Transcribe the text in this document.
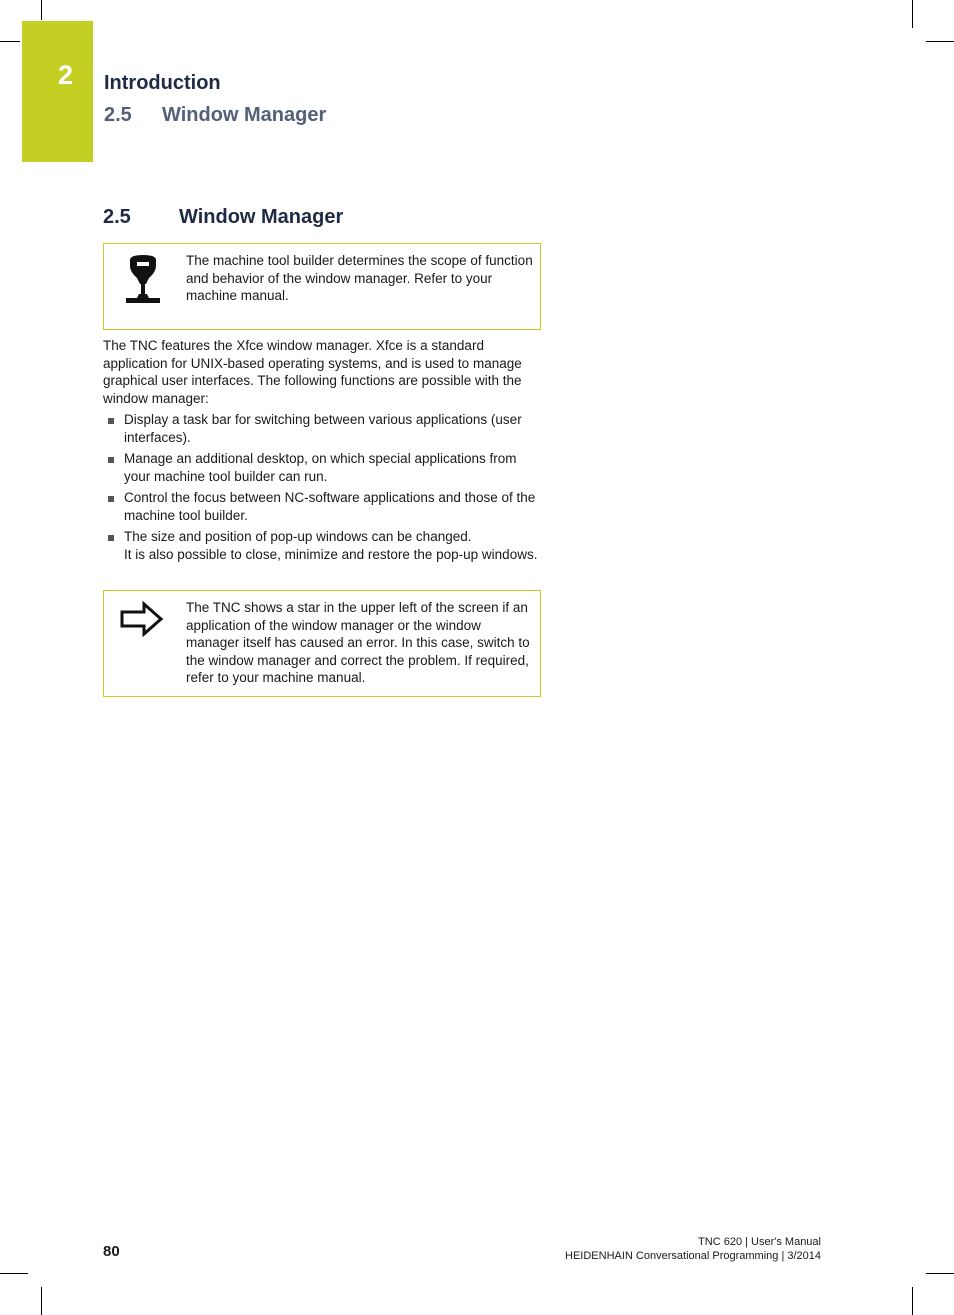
2 Introduction
2.5 Window Manager
2.5 Window Manager
The machine tool builder determines the scope of function and behavior of the window manager. Refer to your machine manual.
The TNC features the Xfce window manager. Xfce is a standard application for UNIX-based operating systems, and is used to manage graphical user interfaces. The following functions are possible with the window manager:
Display a task bar for switching between various applications (user interfaces).
Manage an additional desktop, on which special applications from your machine tool builder can run.
Control the focus between NC-software applications and those of the machine tool builder.
The size and position of pop-up windows can be changed.
It is also possible to close, minimize and restore the pop-up windows.
The TNC shows a star in the upper left of the screen if an application of the window manager or the window manager itself has caused an error. In this case, switch to the window manager and correct the problem. If required, refer to your machine manual.
80
TNC 620 | User's Manual
HEIDENHAIN Conversational Programming | 3/2014
